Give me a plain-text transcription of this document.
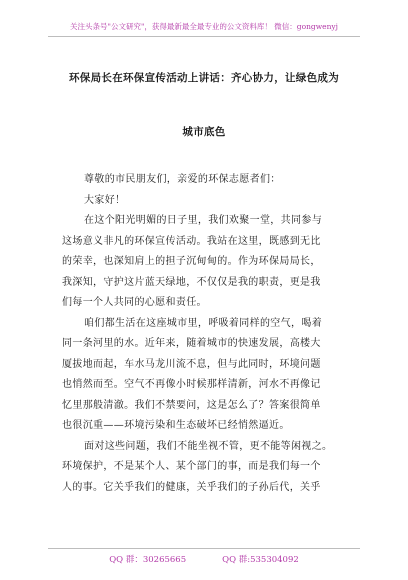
关注头条号"公文研究"，获得最新最全最专业的公文资料库！ 微信：gongwenyj
环保局长在环保宣传活动上讲话：齐心协力，让绿色成为
城市底色
尊敬的市民朋友们，亲爱的环保志愿者们：
大家好！
在这个阳光明媚的日子里，我们欢聚一堂，共同参与
这场意义非凡的环保宣传活动。我站在这里，既感到无比
的荣幸，也深知肩上的担子沉甸甸的。作为环保局局长，
我深知，守护这片蓝天绿地，不仅仅是我的职责，更是我
们每一个人共同的心愿和责任。
咱们都生活在这座城市里，呼吸着同样的空气，喝着
同一条河里的水。近年来，随着城市的快速发展，高楼大
厦拔地而起，车水马龙川流不息，但与此同时，环境问题
也悄然而至。空气不再像小时候那样清新，河水不再像记
忆里那般清澈。我们不禁要问，这是怎么了？答案很简单
也很沉重——环境污染和生态破坏已经悄然逼近。
面对这些问题，我们不能坐视不管，更不能等闲视之。
环境保护，不是某个人、某个部门的事，而是我们每一个
人的事。它关乎我们的健康，关乎我们的子孙后代，关乎
QQ 群：30265665	QQ 群:535304092
